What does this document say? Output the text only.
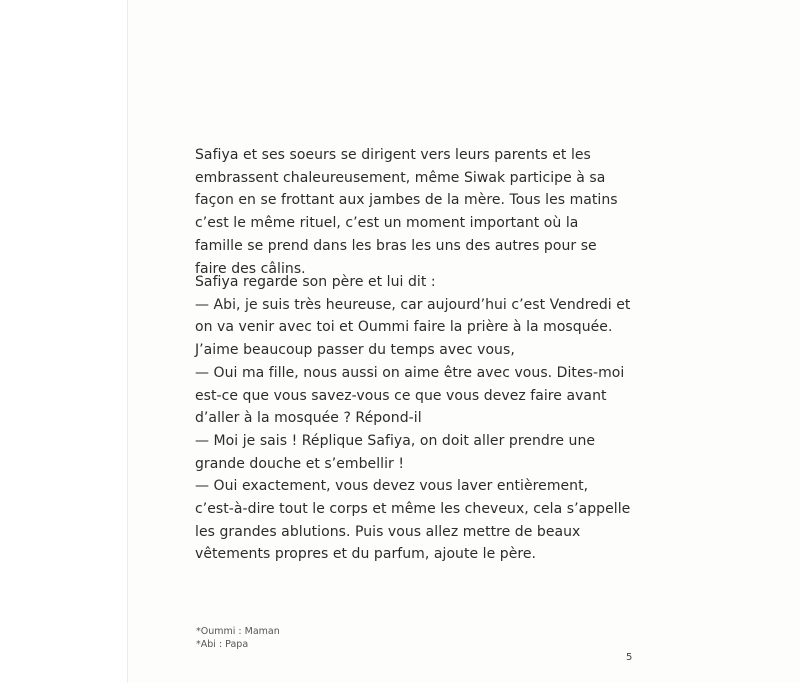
Safiya et ses soeurs se dirigent vers leurs parents et les
embrassent chaleureusement, même Siwak participe à sa
façon en se frottant aux jambes de la mère. Tous les matins
c’est le même rituel, c’est un moment important où la
famille se prend dans les bras les uns des autres pour se
faire des câlins.
Safiya regarde son père et lui dit :
— Abi, je suis très heureuse, car aujourd’hui c’est Vendredi et
on va venir avec toi et Oummi faire la prière à la mosquée.
J’aime beaucoup passer du temps avec vous,
— Oui ma fille, nous aussi on aime être avec vous. Dites-moi
est-ce que vous savez-vous ce que vous devez faire avant
d’aller à la mosquée ? Répond-il
— Moi je sais ! Réplique Safiya, on doit aller prendre une
grande douche et s’embellir !
— Oui exactement, vous devez vous laver entièrement,
c’est-à-dire tout le corps et même les cheveux, cela s’appelle
les grandes ablutions. Puis vous allez mettre de beaux
vêtements propres et du parfum, ajoute le père.
*Oummi : Maman
*Abi : Papa
5
